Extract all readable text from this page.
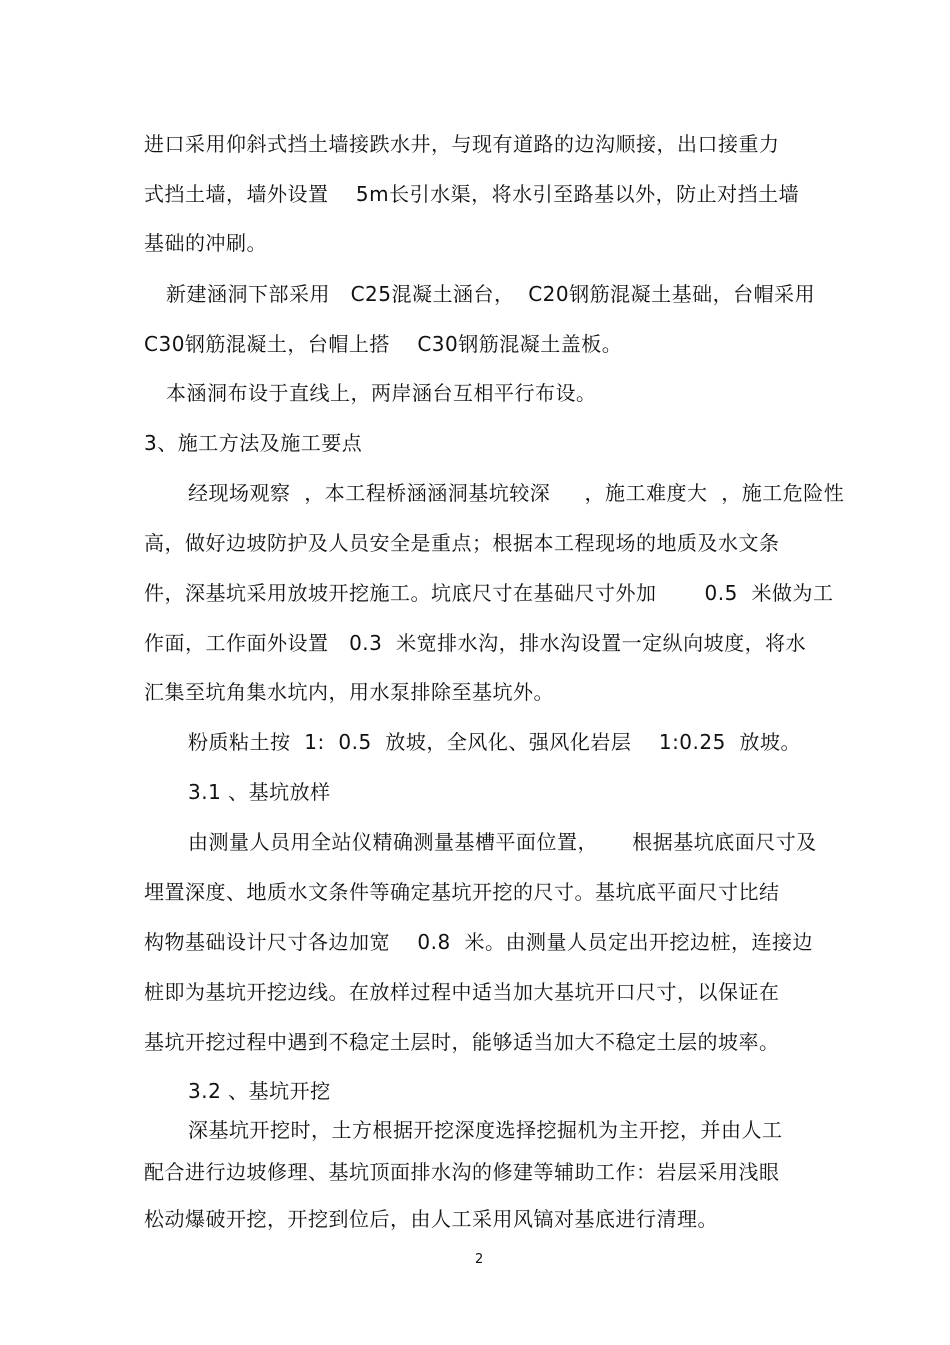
进口采用仰斜式挡土墙接跌水井，与现有道路的边沟顺接，出口接重力
式挡土墙，墙外设置    5m长引水渠，将水引至路基以外，防止对挡土墙
基础的冲刷。
新建涵洞下部采用   C25混凝土涵台，  C20钢筋混凝土基础，台帽采用
C30钢筋混凝土，台帽上搭    C30钢筋混凝土盖板。
本涵洞布设于直线上，两岸涵台互相平行布设。
3、施工方法及施工要点
经现场观察  ，本工程桥涵涵洞基坑较深     ，施工难度大  ，施工危险性
高，做好边坡防护及人员安全是重点；根据本工程现场的地质及水文条
件，深基坑采用放坡开挖施工。坑底尺寸在基础尺寸外加       0.5  米做为工
作面，工作面外设置   0.3  米宽排水沟，排水沟设置一定纵向坡度，将水
汇集至坑角集水坑内，用水泵排除至基坑外。
粉质粘土按  1:  0.5  放坡，全风化、强风化岩层    1:0.25  放坡。
3.1 、基坑放样
由测量人员用全站仪精确测量基槽平面位置，     根据基坑底面尺寸及
埋置深度、地质水文条件等确定基坑开挖的尺寸。基坑底平面尺寸比结
构物基础设计尺寸各边加宽    0.8  米。由测量人员定出开挖边桩，连接边
桩即为基坑开挖边线。在放样过程中适当加大基坑开口尺寸，以保证在
基坑开挖过程中遇到不稳定土层时，能够适当加大不稳定土层的坡率。
3.2 、基坑开挖
深基坑开挖时，土方根据开挖深度选择挖掘机为主开挖，并由人工
配合进行边坡修理、基坑顶面排水沟的修建等辅助工作：岩层采用浅眼
松动爆破开挖，开挖到位后，由人工采用风镐对基底进行清理。
2
